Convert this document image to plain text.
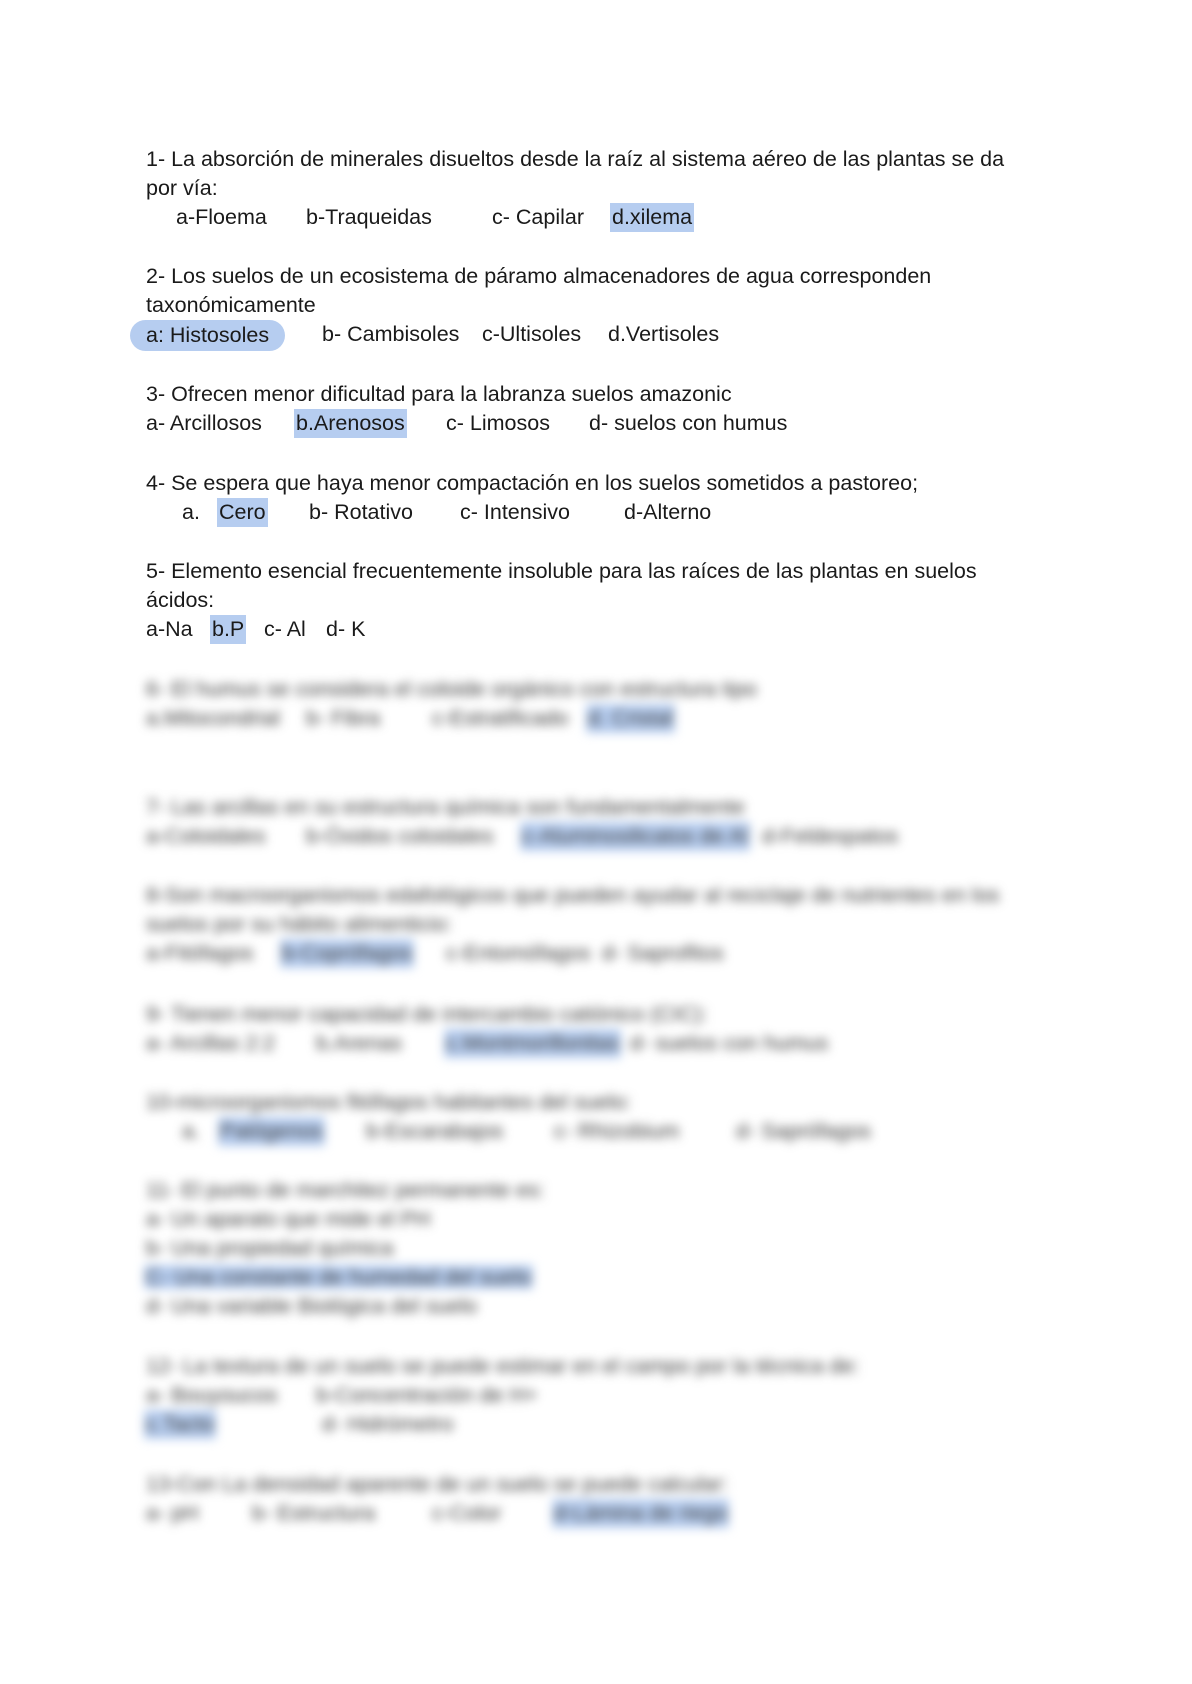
1- La absorción de minerales disueltos desde la raíz al sistema aéreo de las plantas se da
por vía:
a-Floema b-Traqueidas	c- Capilar d.xilema
2- Los suelos de un ecosistema de páramo almacenadores de agua corresponden
taxonómicamente
a: Histosoles	b- Cambisoles c-Ultisoles d.Vertisoles
3- Ofrecen menor dificultad para la labranza suelos amazonic
a- Arcillosos b.Arenosos c- Limosos d- suelos con humus
4- Se espera que haya menor compactación en los suelos sometidos a pastoreo;
a. Cero b- Rotativo c- Intensivo	d-Alterno
5- Elemento esencial frecuentemente insoluble para las raíces de las plantas en suelos
ácidos:
a-Na b.P c- Al d- K
6- El humus se considera el coloide orgánico con estructura tipo
a.Mitocondrial b- Fibra c-Estratificado d. Cristal
7- Las arcillas en su estructura química son fundamentalmente
a-Coloidales b-Óxidos coloidales c-Aluminosilicatos de Al d-Feldespatos
8-Son macroorganismos edafológicos que pueden ayudar al reciclaje de nutrientes en los
suelos por su hábito alimenticio:
a-Fitófagos b-Coprófagos c-Entomófagos d- Saprofitos
9- Tienen menor capacidad de intercambio catiónico (CIC):
a- Arcillas 2:2 b.Arenas c.Montmorillonitas d- suelos con humus
10-microorganismos fitófagos habitantes del suelo:
a. Patógenos b-Escarabajos c- Rhizobium	d- Saprófagos
11- El punto de marchitez permanente es:
a- Un aparato que mide el PH
b- Una propiedad química
C- Una constante de humedad del suelo
d- Una variable Biológica del suelo
12- La textura de un suelo se puede estimar en el campo por la técnica de:
a- Bouyoucos b-Concentración de H+
c.Tacto	d- Hidrómetro
13-Con La densidad aparente de un suelo se puede calcular:
a- pH b- Estructura	c-Color d-Lámina de riego
